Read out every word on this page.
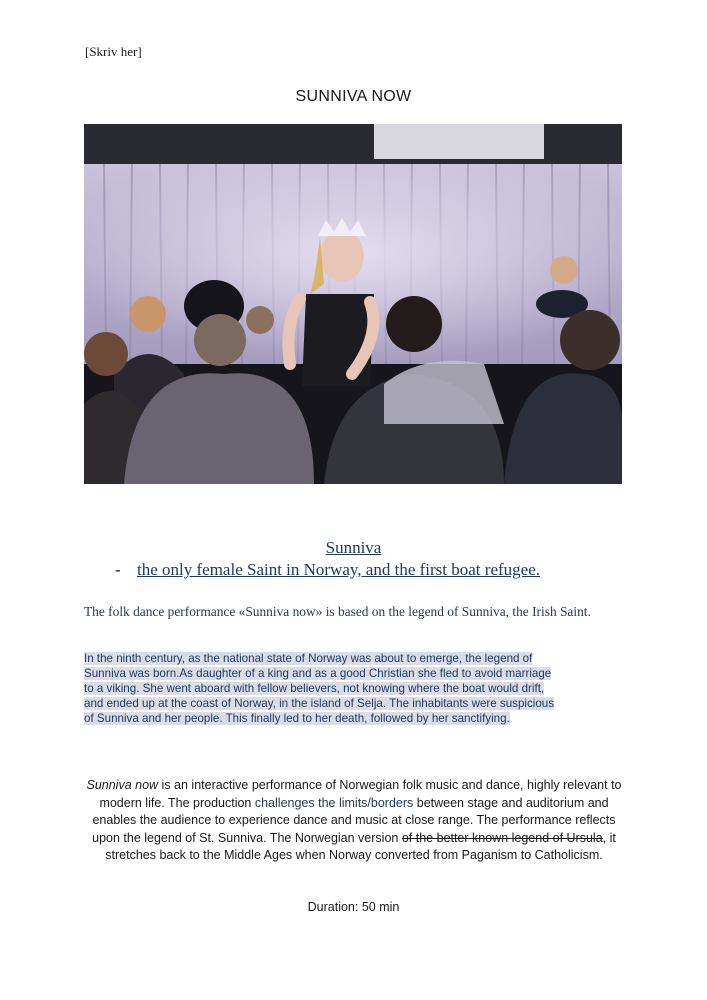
[Skriv her]
SUNNIVA NOW
Sunniva
- the only female Saint in Norway, and the first boat refugee.
The folk dance performance «Sunniva now» is based on the legend of Sunniva, the Irish Saint.
In the ninth century, as the national state of Norway was about to emerge, the legend of
Sunniva was born.As daughter of a king and as a good Christian she fled to avoid marriage
to a viking. She went aboard with fellow believers, not knowing where the boat would drift,
and ended up at the coast of Norway, in the island of Selja. The inhabitants were suspicious
of Sunniva and her people. This finally led to her death, followed by her sanctifying.
Sunniva now is an interactive performance of Norwegian folk music and dance, highly relevant to modern life. The production challenges the limits/borders between stage and auditorium and enables the audience to experience dance and music at close range. The performance reflects upon the legend of St. Sunniva. The Norwegian version of the better known legend of Ursula, it stretches back to the Middle Ages when Norway converted from Paganism to Catholicism.
Duration: 50 min
